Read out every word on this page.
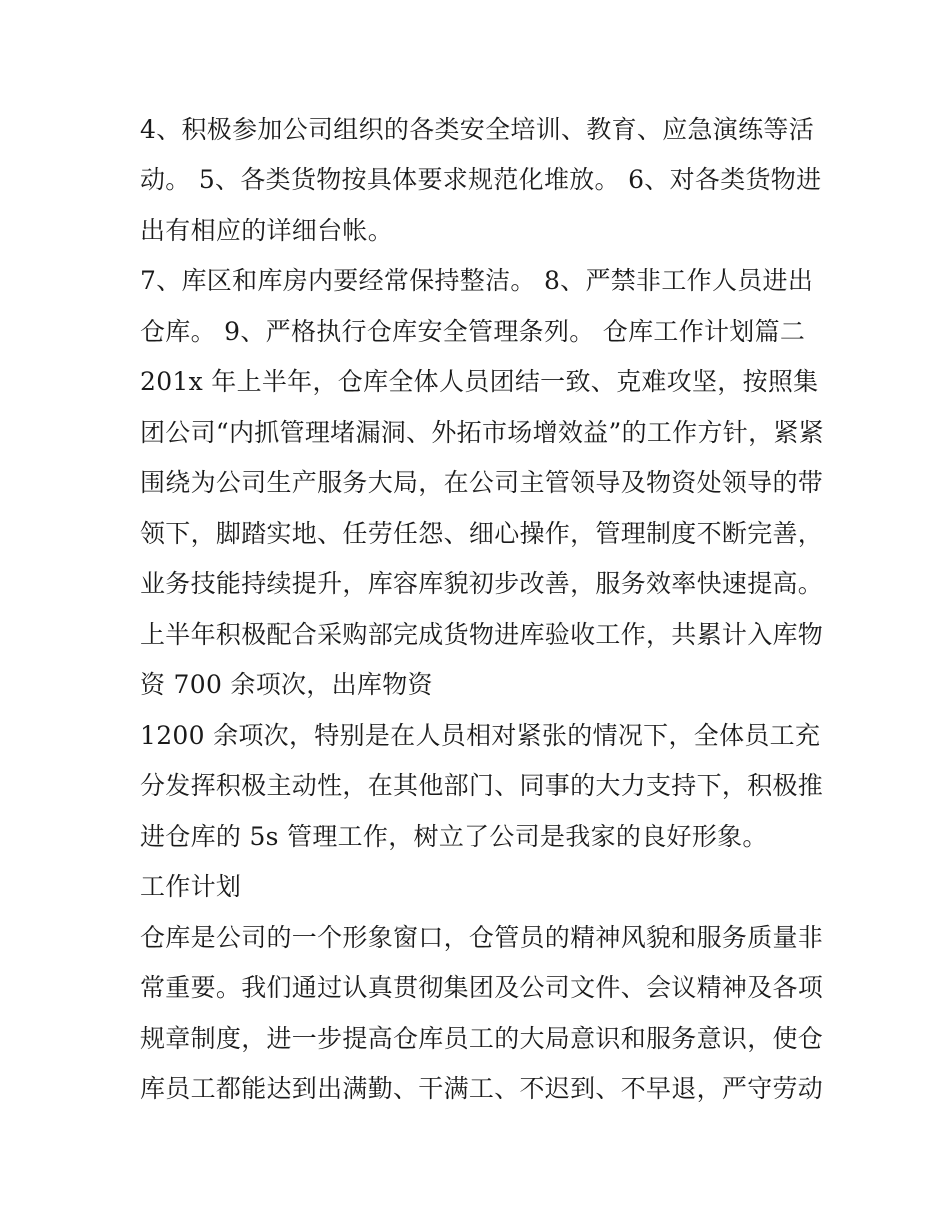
4、积极参加公司组织的各类安全培训、教育、应急演练等活
动。 5、各类货物按具体要求规范化堆放。 6、对各类货物进
出有相应的详细台帐。
7、库区和库房内要经常保持整洁。 8、严禁非工作人员进出
仓库。 9、严格执行仓库安全管理条列。 仓库工作计划篇二
201x 年上半年，仓库全体人员团结一致、克难攻坚，按照集
团公司“内抓管理堵漏洞、外拓市场增效益”的工作方针，紧紧
围绕为公司生产服务大局，在公司主管领导及物资处领导的带
领下，脚踏实地、任劳任怨、细心操作，管理制度不断完善，
业务技能持续提升，库容库貌初步改善，服务效率快速提高。
上半年积极配合采购部完成货物进库验收工作，共累计入库物
资 700 余项次，出库物资
1200 余项次，特别是在人员相对紧张的情况下，全体员工充
分发挥积极主动性，在其他部门、同事的大力支持下，积极推
进仓库的 5s 管理工作，树立了公司是我家的良好形象。
工作计划
仓库是公司的一个形象窗口，仓管员的精神风貌和服务质量非
常重要。我们通过认真贯彻集团及公司文件、会议精神及各项
规章制度，进一步提高仓库员工的大局意识和服务意识，使仓
库员工都能达到出满勤、干满工、不迟到、不早退，严守劳动
